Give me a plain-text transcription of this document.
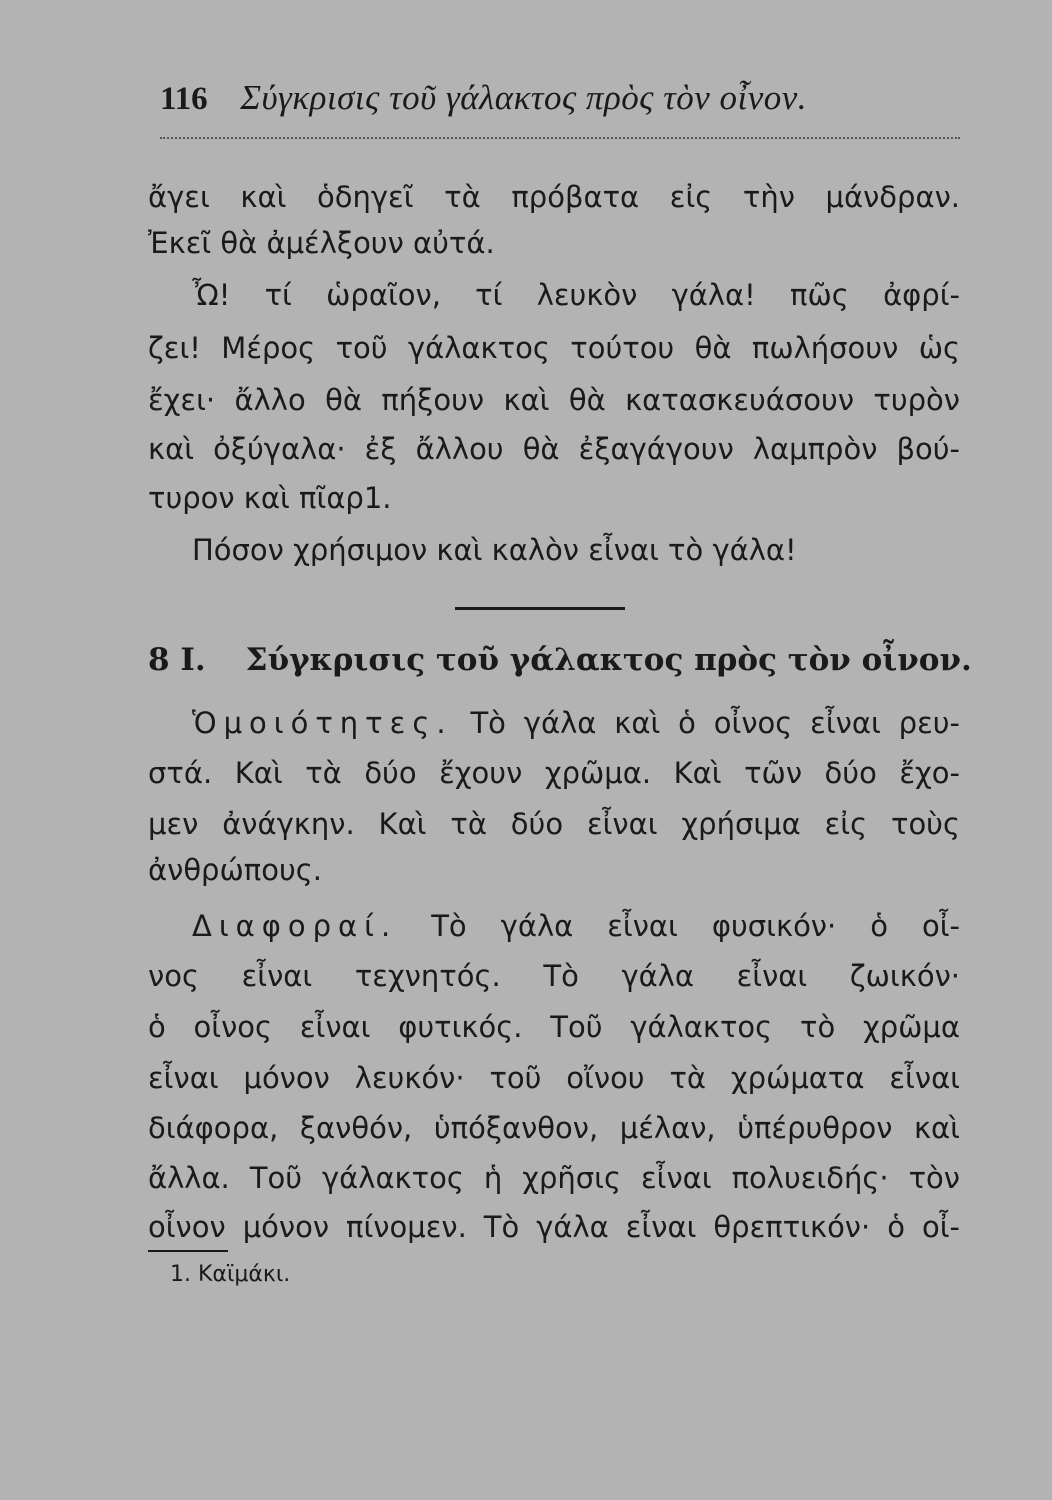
116 Σύγκρισις τοῦ γάλακτος πρὸς τὸν οἶνον.
ἄγει καὶ ὁδηγεῖ τὰ πρόβατα εἰς τὴν μάνδραν.
Ἐκεῖ θὰ ἀμέλξουν αὐτά.
Ὦ! τί ὡραῖον, τί λευκὸν γάλα! πῶς ἀφρί-
ζει! Μέρος τοῦ γάλακτος τούτου θὰ πωλήσουν ὡς
ἔχει· ἄλλο θὰ πήξουν καὶ θὰ κατασκευάσουν τυρὸν
καὶ ὀξύγαλα· ἐξ ἄλλου θὰ ἐξαγάγουν λαμπρὸν βού-
τυρον καὶ πῖαρ1.
Πόσον χρήσιμον καὶ καλὸν εἶναι τὸ γάλα!
8 I. Σύγκρισις τοῦ γάλακτος πρὸς τὸν οἶνον.
Ὁμοιότητες. Τὸ γάλα καὶ ὁ οἶνος εἶναι ρευ-
στά. Καὶ τὰ δύο ἔχουν χρῶμα. Καὶ τῶν δύο ἔχο-
μεν ἀνάγκην. Καὶ τὰ δύο εἶναι χρήσιμα εἰς τοὺς
ἀνθρώπους.
Διαφοραί. Τὸ γάλα εἶναι φυσικόν· ὁ οἶ-
νος εἶναι τεχνητός. Τὸ γάλα εἶναι ζωικόν·
ὁ οἶνος εἶναι φυτικός. Τοῦ γάλακτος τὸ χρῶμα
εἶναι μόνον λευκόν· τοῦ οἴνου τὰ χρώματα εἶναι
διάφορα, ξανθόν, ὑπόξανθον, μέλαν, ὑπέρυθρον καὶ
ἄλλα. Τοῦ γάλακτος ἡ χρῆσις εἶναι πολυειδής· τὸν
οἶνον μόνον πίνομεν. Τὸ γάλα εἶναι θρεπτικόν· ὁ οἶ-
1. Καϊμάκι.
